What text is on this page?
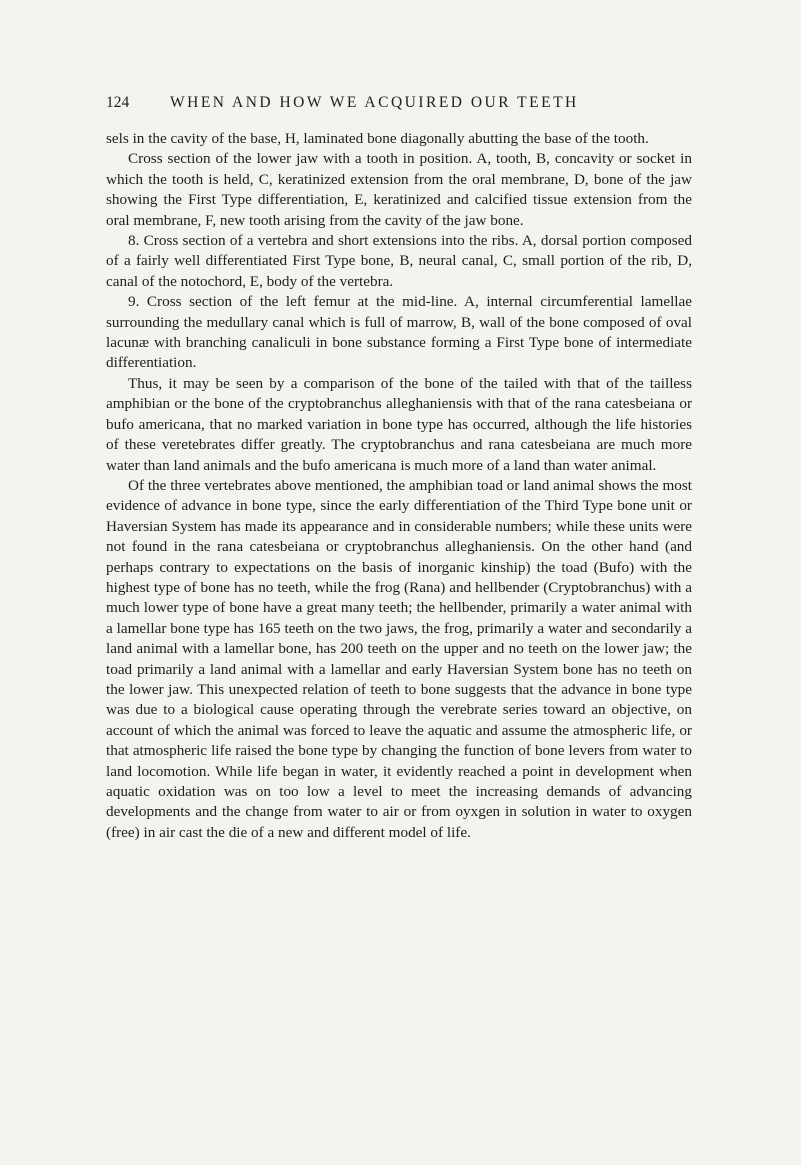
124	WHEN AND HOW WE ACQUIRED OUR TEETH

sels in the cavity of the base, H, laminated bone diagonally abutting the base of the tooth.

Cross section of the lower jaw with a tooth in position. A, tooth, B, concavity or socket in which the tooth is held, C, keratinized extension from the oral membrane, D, bone of the jaw showing the First Type differentiation, E, keratinized and calcified tissue extension from the oral membrane, F, new tooth arising from the cavity of the jaw bone.

8. Cross section of a vertebra and short extensions into the ribs. A, dorsal portion composed of a fairly well differentiated First Type bone, B, neural canal, C, small portion of the rib, D, canal of the notochord, E, body of the vertebra.

9. Cross section of the left femur at the mid-line. A, internal circumferential lamellae surrounding the medullary canal which is full of marrow, B, wall of the bone composed of oval lacunæ with branching canaliculi in bone substance forming a First Type bone of intermediate differentiation.

Thus, it may be seen by a comparison of the bone of the tailed with that of the tailless amphibian or the bone of the cryptobranchus alleghaniensis with that of the rana catesbeiana or bufo americana, that no marked variation in bone type has occurred, although the life histories of these veretebrates differ greatly. The cryptobranchus and rana catesbeiana are much more water than land animals and the bufo americana is much more of a land than water animal.

Of the three vertebrates above mentioned, the amphibian toad or land animal shows the most evidence of advance in bone type, since the early differentiation of the Third Type bone unit or Haversian System has made its appearance and in considerable numbers; while these units were not found in the rana catesbeiana or cryptobranchus alleghaniensis. On the other hand (and perhaps contrary to expectations on the basis of inorganic kinship) the toad (Bufo) with the highest type of bone has no teeth, while the frog (Rana) and hellbender (Cryptobranchus) with a much lower type of bone have a great many teeth; the hellbender, primarily a water animal with a lamellar bone type has 165 teeth on the two jaws, the frog, primarily a water and secondarily a land animal with a lamellar bone, has 200 teeth on the upper and no teeth on the lower jaw; the toad primarily a land animal with a lamellar and early Haversian System bone has no teeth on the lower jaw. This unexpected relation of teeth to bone suggests that the advance in bone type was due to a biological cause operating through the verebrate series toward an objective, on account of which the animal was forced to leave the aquatic and assume the atmospheric life, or that atmospheric life raised the bone type by changing the function of bone levers from water to land locomotion. While life began in water, it evidently reached a point in development when aquatic oxidation was on too low a level to meet the increasing demands of advancing developments and the change from water to air or from oyxgen in solution in water to oxygen (free) in air cast the die of a new and different model of life.
